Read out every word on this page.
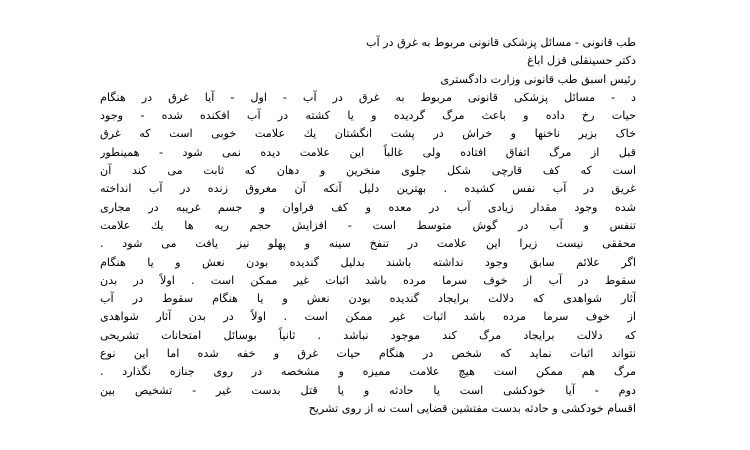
طب قانونی - مسائل پزشکی قانونی مربوط به غرق در آب
دکتر حسینقلی قزل اباغ
رئیس اسبق طب قانونی وزارت دادگستری
د - مسائل پزشکی قانونی مربوط به غرق در آب - اول - آیا غرق در هنگام
حیات رخ داده و باعث مرگ گردیده و یا کشته در آب افکنده شده - وجود
خاک بزیر ناخنها و خراش در پشت انگشتان یك علامت خوبی است که غرق
قبل از مرگ اتفاق افتاده ولی غالباً این علامت دیده نمی شود - همینطور
است که کف قارچی شکل جلوی منخرین و دهان که ثابت می کند آن
غریق در آب نفس کشیده . بهترین دلیل آنکه آن مغروق زنده در آب انداخته
شده وجود مقدار زیادی آب در معده و کف فراوان و جسم غریبه در مجاری
تنفس و آب در گوش متوسط است - افزایش حجم ریه ها یك علامت
محققی نیست زیرا این علامت در تنفخ سینه و پهلو نیز یافت می شود .
اگر علائم سابق وجود نداشته باشند بدلیل گندیده بودن نعش و یا هنگام
سقوط در آب از خوف سرما مرده باشد اثبات غیر ممکن است . اولاً در بدن
آثار شواهدی که دلالت برایجاد گندیده بودن نعش و یا هنگام سقوط در آب
از خوف سرما مرده باشد اثبات غیر ممکن است . اولاً در بدن آثار شواهدی
که دلالت برایجاد مرگ کند موجود نباشد . ثانیاً بوسائل امتحانات تشریحی
نتواند اثبات نماید که شخص در هنگام حیات غرق و خفه شده اما این نوع
مرگ هم ممکن است هیچ علامت ممیزه و مشخصه در روی جنازه نگذارد .
دوم - آیا خودکشی است یا حادثه و یا قتل بدست غیر - تشخیص بین
اقسام خودکشی و حادثه بدست مفتشین قضایی است نه از روی تشریح
